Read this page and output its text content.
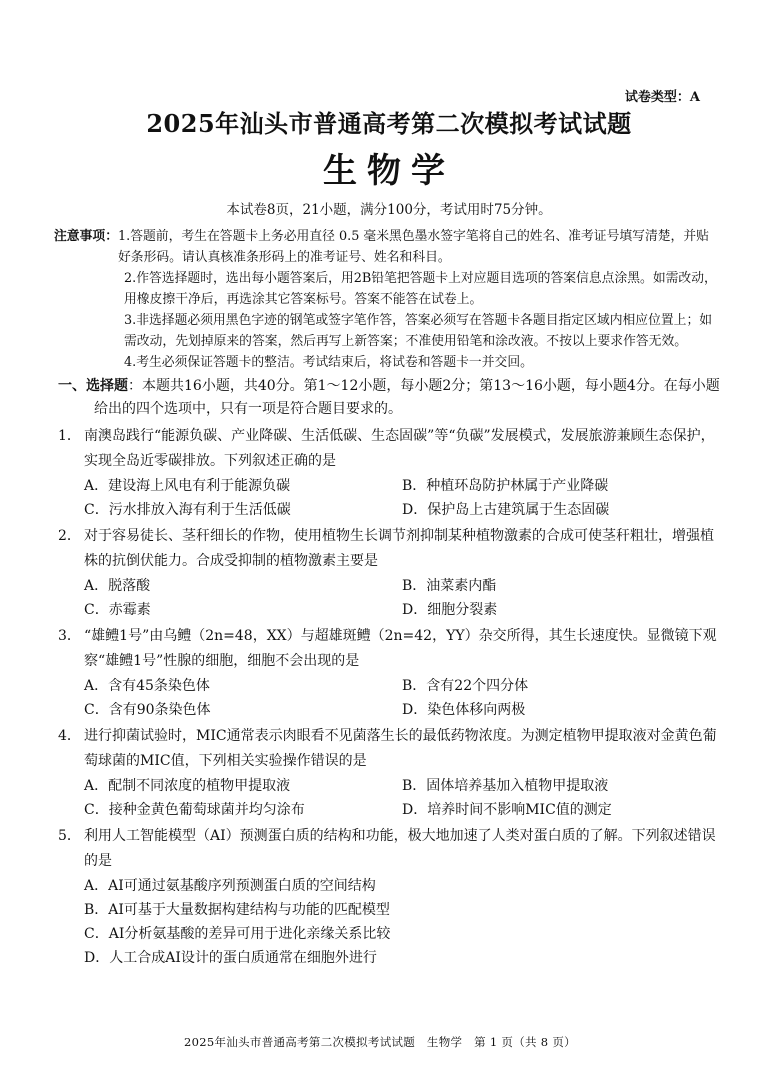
试卷类型：A
2025年汕头市普通高考第二次模拟考试试题
生物学
本试卷8页，21小题，满分100分，考试用时75分钟。
注意事项： 1.答题前，考生在答题卡上务必用直径 0.5 毫米黑色墨水签字笔将自己的姓名、准考证号填写清楚，并贴好条形码。请认真核准条形码上的准考证号、姓名和科目。
2.作答选择题时，选出每小题答案后，用2B铅笔把答题卡上对应题目选项的答案信息点涂黑。如需改动，用橡皮擦干净后，再选涂其它答案标号。答案不能答在试卷上。
3.非选择题必须用黑色字迹的钢笔或签字笔作答，答案必须写在答题卡各题目指定区域内相应位置上；如需改动，先划掉原来的答案，然后再写上新答案；不准使用铅笔和涂改液。不按以上要求作答无效。
4.考生必须保证答题卡的整洁。考试结束后，将试卷和答题卡一并交回。
一、选择题：本题共16小题，共40分。第1～12小题，每小题2分；第13～16小题，每小题4分。在每小题给出的四个选项中，只有一项是符合题目要求的。
1． 南澳岛践行“能源负碳、产业降碳、生活低碳、生态固碳”等“负碳”发展模式，发展旅游兼顾生态保护，实现全岛近零碳排放。下列叙述正确的是
A．建设海上风电有利于能源负碳	B．种植环岛防护林属于产业降碳
C．污水排放入海有利于生活低碳	D．保护岛上古建筑属于生态固碳
2． 对于容易徒长、茎秆细长的作物，使用植物生长调节剂抑制某种植物激素的合成可使茎秆粗壮，增强植株的抗倒伏能力。合成受抑制的植物激素主要是
A．脱落酸	B．油菜素内酯
C．赤霉素	D．细胞分裂素
3． “雄鳢1号”由乌鳢（2n=48，XX）与超雄斑鳢（2n=42，YY）杂交所得，其生长速度快。显微镜下观察“雄鳢1号”性腺的细胞，细胞不会出现的是
A．含有45条染色体	B．含有22个四分体
C．含有90条染色体	D．染色体移向两极
4． 进行抑菌试验时，MIC通常表示肉眼看不见菌落生长的最低药物浓度。为测定植物甲提取液对金黄色葡萄球菌的MIC值，下列相关实验操作错误的是
A．配制不同浓度的植物甲提取液	B．固体培养基加入植物甲提取液
C．接种金黄色葡萄球菌并均匀涂布	D．培养时间不影响MIC值的测定
5． 利用人工智能模型（AI）预测蛋白质的结构和功能，极大地加速了人类对蛋白质的了解。下列叙述错误的是
A．AI可通过氨基酸序列预测蛋白质的空间结构
B．AI可基于大量数据构建结构与功能的匹配模型
C．AI分析氨基酸的差异可用于进化亲缘关系比较
D．人工合成AI设计的蛋白质通常在细胞外进行
2025年汕头市普通高考第二次模拟考试试题　生物学　第 1 页（共 8 页）
